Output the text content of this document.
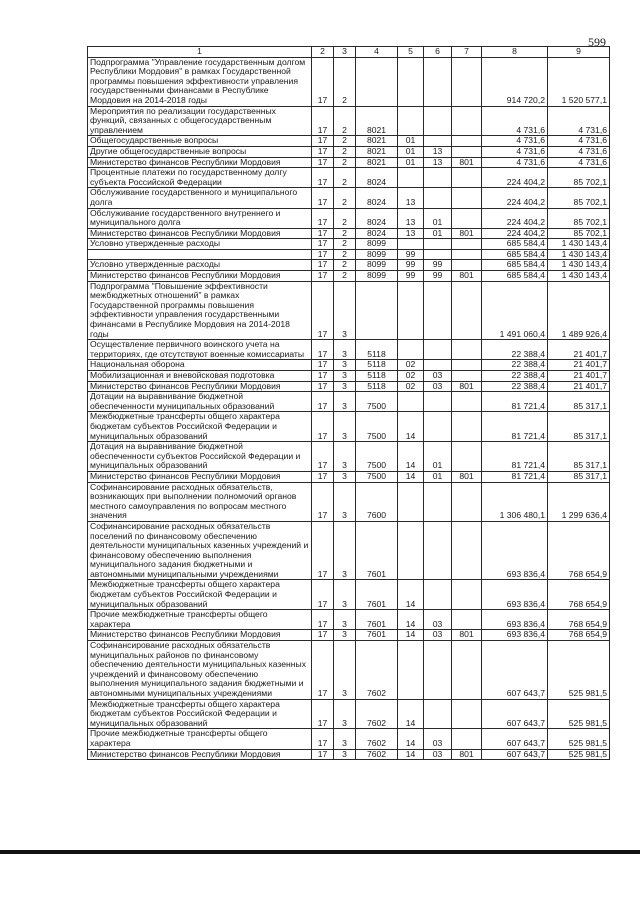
599
1	2	3	4	5	6	7	8	9
Подпрограмма "Управление государственным долгом Республики Мордовия" в рамках Государственной программы повышения эффективности управления государственными финансами в Республике Мордовия на 2014-2018 годы	17	2					914 720,2	1 520 577,1
Мероприятия по реализации государственных функций, связанных с общегосударственным управлением	17	2	8021				4 731,6	4 731,6
Общегосударственные вопросы	17	2	8021	01			4 731,6	4 731,6
Другие общегосударственные вопросы	17	2	8021	01	13		4 731,6	4 731,6
Министерство финансов Республики Мордовия	17	2	8021	01	13	801	4 731,6	4 731,6
Процентные платежи по государственному долгу субъекта Российской Федерации	17	2	8024				224 404,2	85 702,1
Обслуживание государственного и муниципального долга	17	2	8024	13			224 404,2	85 702,1
Обслуживание государственного внутреннего и муниципального долга	17	2	8024	13	01		224 404,2	85 702,1
Министерство финансов Республики Мордовия	17	2	8024	13	01	801	224 404,2	85 702,1
Условно утвержденные расходы	17	2	8099				685 584,4	1 430 143,4
	17	2	8099	99			685 584,4	1 430 143,4
Условно утвержденные расходы	17	2	8099	99	99		685 584,4	1 430 143,4
Министерство финансов Республики Мордовия	17	2	8099	99	99	801	685 584,4	1 430 143,4
Подпрограмма "Повышение эффективности межбюджетных отношений" в рамках Государственной программы повышения эффективности управления государственными финансами в Республике Мордовия на 2014-2018 годы	17	3					1 491 060,4	1 489 926,4
Осуществление первичного воинского учета на территориях, где отсутствуют военные комиссариаты	17	3	5118				22 388,4	21 401,7
Национальная оборона	17	3	5118	02			22 388,4	21 401,7
Мобилизационная и вневойсковая подготовка	17	3	5118	02	03		22 388,4	21 401,7
Министерство финансов Республики Мордовия	17	3	5118	02	03	801	22 388,4	21 401,7
Дотации на выравнивание бюджетной обеспеченности муниципальных образований	17	3	7500				81 721,4	85 317,1
Межбюджетные трансферты общего характера бюджетам субъектов Российской Федерации и муниципальных образований	17	3	7500	14			81 721,4	85 317,1
Дотация на выравнивание бюджетной обеспеченности субъектов Российской Федерации и муниципальных образований	17	3	7500	14	01		81 721,4	85 317,1
Министерство финансов Республики Мордовия	17	3	7500	14	01	801	81 721,4	85 317,1
Софинансирование расходных обязательств, возникающих при выполнении полномочий органов местного самоуправления по вопросам местного значения	17	3	7600				1 306 480,1	1 299 636,4
Софинансирование расходных обязательств поселений по финансовому обеспечению деятельности муниципальных казенных учреждений и финансовому обеспечению выполнения муниципального задания бюджетными и автономными муниципальными учреждениями	17	3	7601				693 836,4	768 654,9
Межбюджетные трансферты общего характера бюджетам субъектов Российской Федерации и муниципальных образований	17	3	7601	14			693 836,4	768 654,9
Прочие межбюджетные трансферты общего характера	17	3	7601	14	03		693 836,4	768 654,9
Министерство финансов Республики Мордовия	17	3	7601	14	03	801	693 836,4	768 654,9
Софинансирование расходных обязательств муниципальных районов по финансовому обеспечению деятельности муниципальных казенных учреждений и финансовому обеспечению выполнения муниципального задания бюджетными и автономными муниципальных учреждениями	17	3	7602				607 643,7	525 981,5
Межбюджетные трансферты общего характера бюджетам субъектов Российской Федерации и муниципальных образований	17	3	7602	14			607 643,7	525 981,5
Прочие межбюджетные трансферты общего характера	17	3	7602	14	03		607 643,7	525 981,5
Министерство финансов Республики Мордовия	17	3	7602	14	03	801	607 643,7	525 981,5
